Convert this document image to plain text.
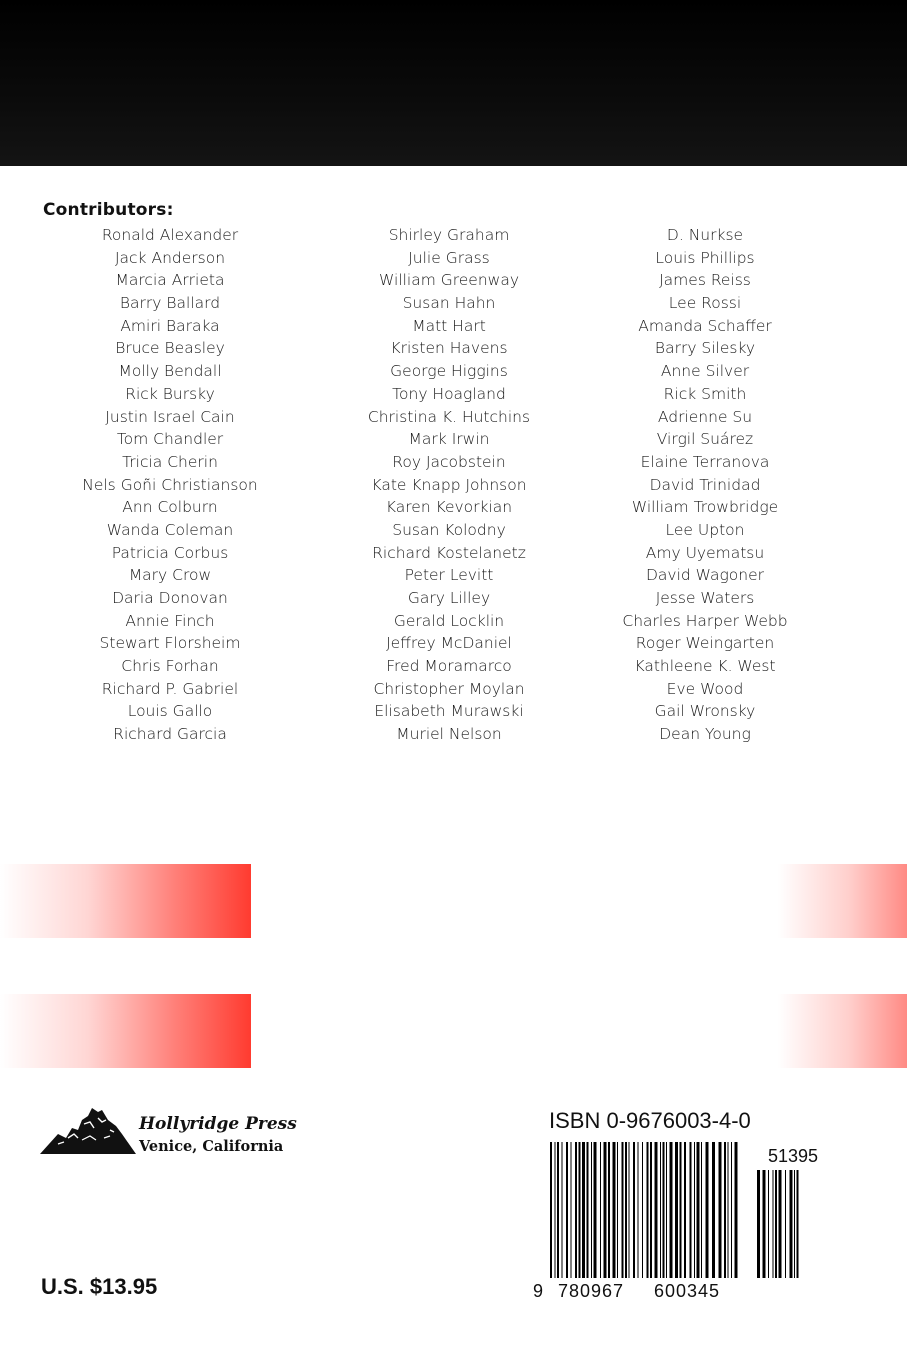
Contributors:
Ronald Alexander
Jack Anderson
Marcia Arrieta
Barry Ballard
Amiri Baraka
Bruce Beasley
Molly Bendall
Rick Bursky
Justin Israel Cain
Tom Chandler
Tricia Cherin
Nels Goñi Christianson
Ann Colburn
Wanda Coleman
Patricia Corbus
Mary Crow
Daria Donovan
Annie Finch
Stewart Florsheim
Chris Forhan
Richard P. Gabriel
Louis Gallo
Richard Garcia
Shirley Graham
Julie Grass
William Greenway
Susan Hahn
Matt Hart
Kristen Havens
George Higgins
Tony Hoagland
Christina K. Hutchins
Mark Irwin
Roy Jacobstein
Kate Knapp Johnson
Karen Kevorkian
Susan Kolodny
Richard Kostelanetz
Peter Levitt
Gary Lilley
Gerald Locklin
Jeffrey McDaniel
Fred Moramarco
Christopher Moylan
Elisabeth Murawski
Muriel Nelson
D. Nurkse
Louis Phillips
James Reiss
Lee Rossi
Amanda Schaffer
Barry Silesky
Anne Silver
Rick Smith
Adrienne Su
Virgil Suárez
Elaine Terranova
David Trinidad
William Trowbridge
Lee Upton
Amy Uyematsu
David Wagoner
Jesse Waters
Charles Harper Webb
Roger Weingarten
Kathleene K. West
Eve Wood
Gail Wronsky
Dean Young
Hollyridge Press
Venice, California
U.S. $13.95
ISBN 0-9676003-4-0
51395
9 780967 600345
